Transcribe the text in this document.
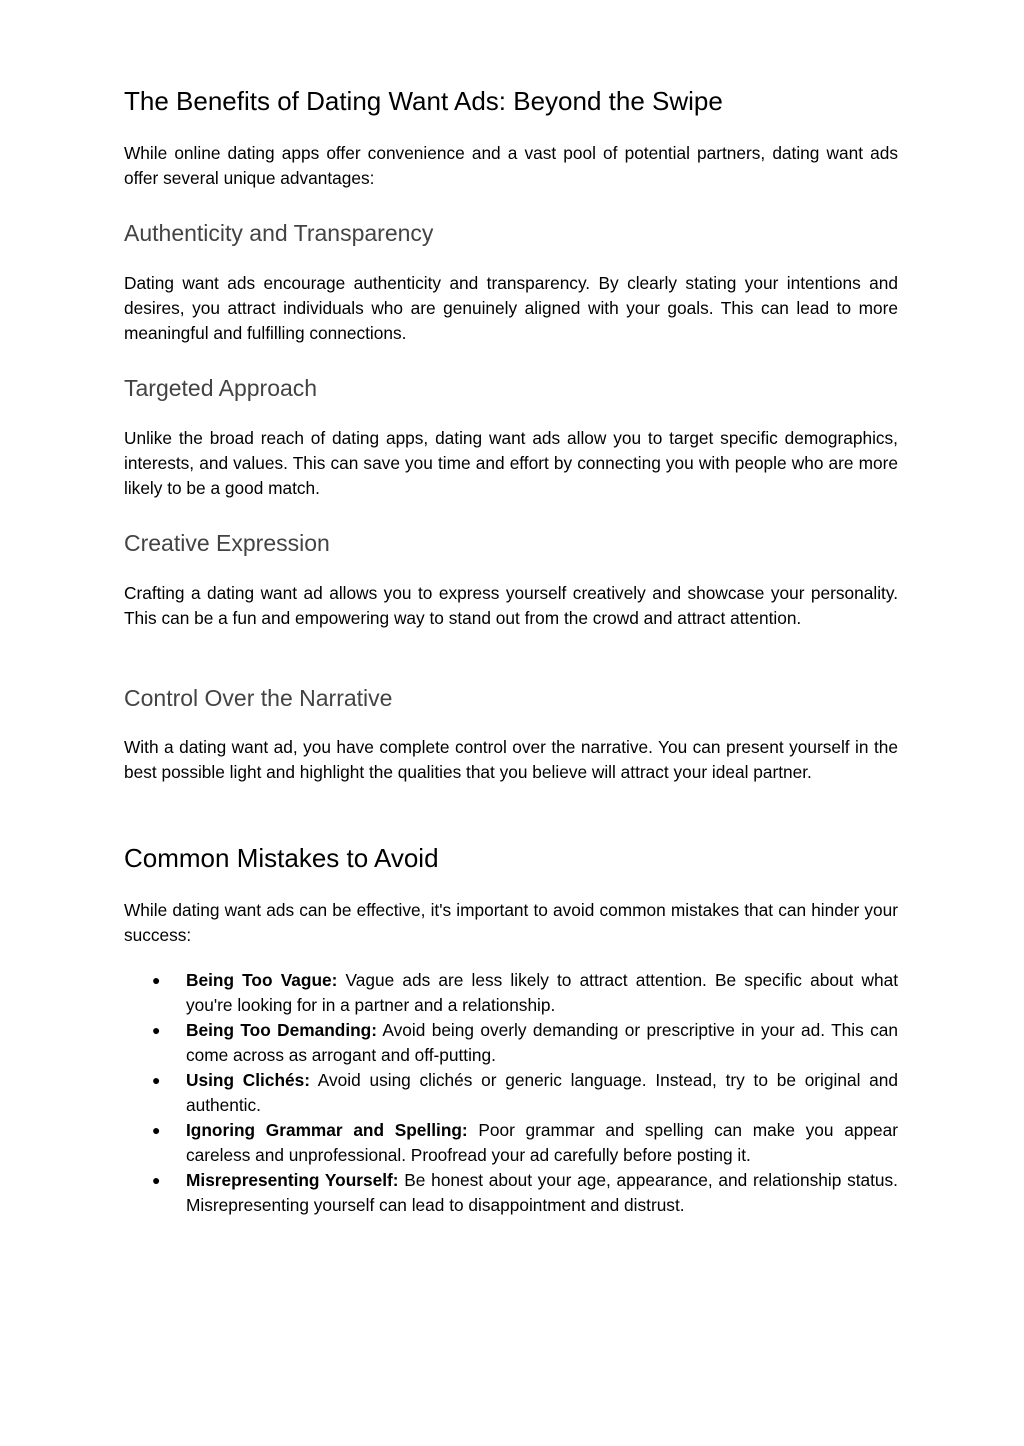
The Benefits of Dating Want Ads: Beyond the Swipe

While online dating apps offer convenience and a vast pool of potential partners, dating want ads offer several unique advantages:

Authenticity and Transparency

Dating want ads encourage authenticity and transparency. By clearly stating your intentions and desires, you attract individuals who are genuinely aligned with your goals. This can lead to more meaningful and fulfilling connections.

Targeted Approach

Unlike the broad reach of dating apps, dating want ads allow you to target specific demographics, interests, and values. This can save you time and effort by connecting you with people who are more likely to be a good match.

Creative Expression

Crafting a dating want ad allows you to express yourself creatively and showcase your personality. This can be a fun and empowering way to stand out from the crowd and attract attention.

Control Over the Narrative

With a dating want ad, you have complete control over the narrative. You can present yourself in the best possible light and highlight the qualities that you believe will attract your ideal partner.

Common Mistakes to Avoid

While dating want ads can be effective, it's important to avoid common mistakes that can hinder your success:

● Being Too Vague: Vague ads are less likely to attract attention. Be specific about what you're looking for in a partner and a relationship.
● Being Too Demanding: Avoid being overly demanding or prescriptive in your ad. This can come across as arrogant and off-putting.
● Using Clichés: Avoid using clichés or generic language. Instead, try to be original and authentic.
● Ignoring Grammar and Spelling: Poor grammar and spelling can make you appear careless and unprofessional. Proofread your ad carefully before posting it.
● Misrepresenting Yourself: Be honest about your age, appearance, and relationship status. Misrepresenting yourself can lead to disappointment and distrust.
